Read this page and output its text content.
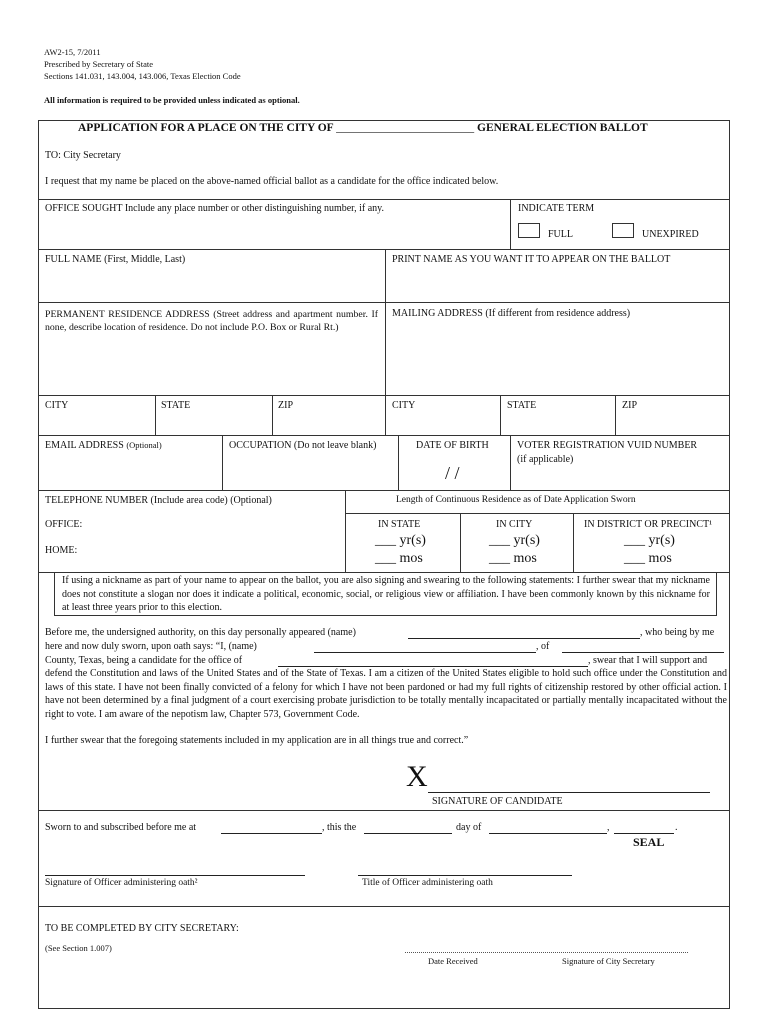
AW2-15, 7/2011
Prescribed by Secretary of State
Sections 141.031, 143.004, 143.006, Texas Election Code
All information is required to be provided unless indicated as optional.
APPLICATION FOR A PLACE ON THE CITY OF ________________________ GENERAL ELECTION BALLOT
TO: City Secretary
I request that my name be placed on the above-named official ballot as a candidate for the office indicated below.
OFFICE SOUGHT Include any place number or other distinguishing number, if any.	INDICATE TERM
FULL	UNEXPIRED
FULL NAME (First, Middle, Last)	PRINT NAME AS YOU WANT IT TO APPEAR ON THE BALLOT
PERMANENT RESIDENCE ADDRESS (Street address and apartment number. If none, describe location of residence. Do not include P.O. Box or Rural Rt.)
MAILING ADDRESS (If different from residence address)
CITY	STATE	ZIP	CITY	STATE	ZIP
EMAIL ADDRESS (Optional)	OCCUPATION (Do not leave blank)	DATE OF BIRTH
/ /
VOTER REGISTRATION VUID NUMBER
(if applicable)
TELEPHONE NUMBER (Include area code) (Optional)
OFFICE:
HOME:
Length of Continuous Residence as of Date Application Sworn
IN STATE
___ yr(s)
___ mos
IN CITY
___ yr(s)
___ mos
IN DISTRICT OR PRECINCT¹
___ yr(s)
___ mos
If using a nickname as part of your name to appear on the ballot, you are also signing and swearing to the following statements: I further swear that my nickname does not constitute a slogan nor does it indicate a political, economic, social, or religious view or affiliation. I have been commonly known by this nickname for at least three years prior to this election.
Before me, the undersigned authority, on this day personally appeared (name)	, who being by me
here and now duly sworn, upon oath says: “I, (name)	, of
County, Texas, being a candidate for the office of	, swear that I will support and
defend the Constitution and laws of the United States and of the State of Texas. I am a citizen of the United States eligible to hold such office under the Constitution and laws of this state. I have not been finally convicted of a felony for which I have not been pardoned or had my full rights of citizenship restored by other official action. I have not been determined by a final judgment of a court exercising probate jurisdiction to be totally mentally incapacitated or partially mentally incapacitated without the right to vote. I am aware of the nepotism law, Chapter 573, Government Code.
I further swear that the foregoing statements included in my application are in all things true and correct.”
X
SIGNATURE OF CANDIDATE
Sworn to and subscribed before me at	, this the	day of	,	.
SEAL
Signature of Officer administering oath²	Title of Officer administering oath
TO BE COMPLETED BY CITY SECRETARY:
(See Section 1.007)
Date Received	Signature of City Secretary
